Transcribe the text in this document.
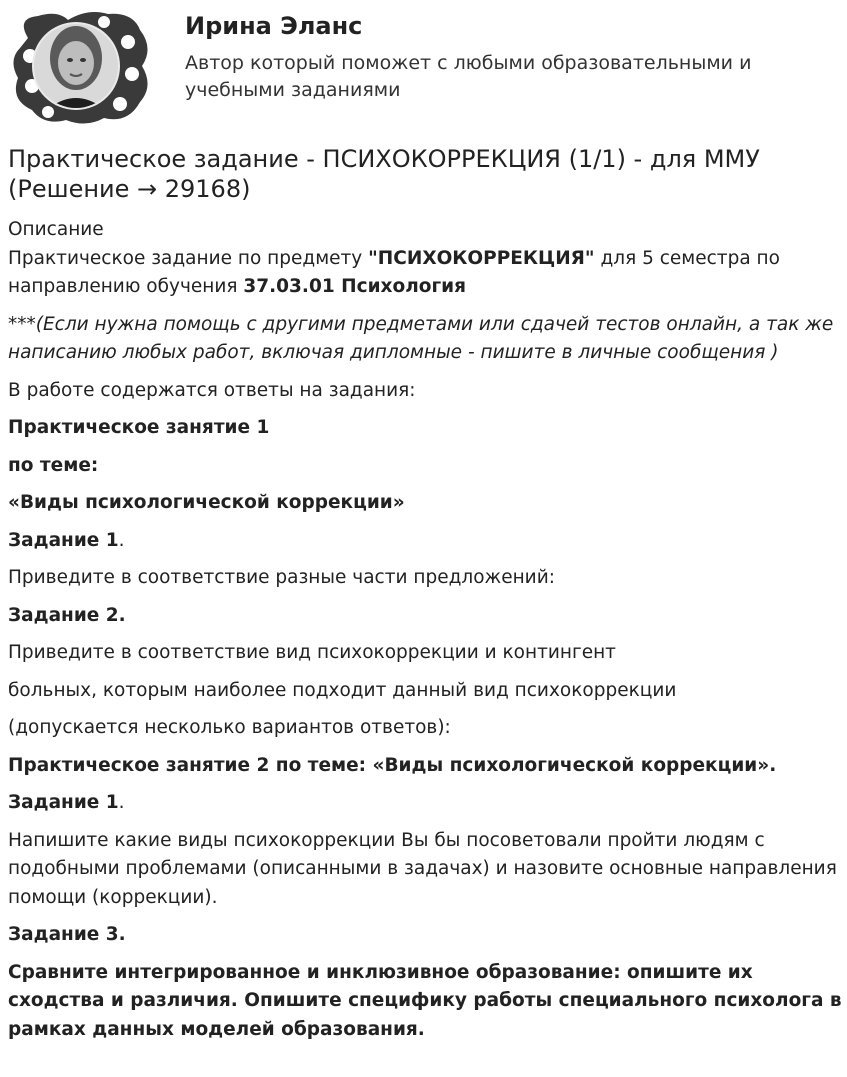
Ирина Эланс

Автор который поможет с любыми образовательными и учебными заданиями

Практическое задание - ПСИХОКОРРЕКЦИЯ (1/1) - для ММУ (Решение → 29168)

Описание

Практическое задание по предмету "ПСИХОКОРРЕКЦИЯ" для 5 семестра по направлению обучения 37.03.01 Психология

***(Если нужна помощь с другими предметами или сдачей тестов онлайн, а так же написанию любых работ, включая дипломные - пишите в личные сообщения )

В работе содержатся ответы на задания:

Практическое занятие 1

по теме:

«Виды психологической коррекции»

Задание 1.

Приведите в соответствие разные части предложений:

Задание 2.

Приведите в соответствие вид психокоррекции и контингент

больных, которым наиболее подходит данный вид психокоррекции

(допускается несколько вариантов ответов):

Практическое занятие 2 по теме: «Виды психологической коррекции».

Задание 1.

Напишите какие виды психокоррекции Вы бы посоветовали пройти людям с подобными проблемами (описанными в задачах) и назовите основные направления помощи (коррекции).

Задание 3.

Сравните интегрированное и инклюзивное образование: опишите их сходства и различия. Опишите специфику работы специального психолога в рамках данных моделей образования.
